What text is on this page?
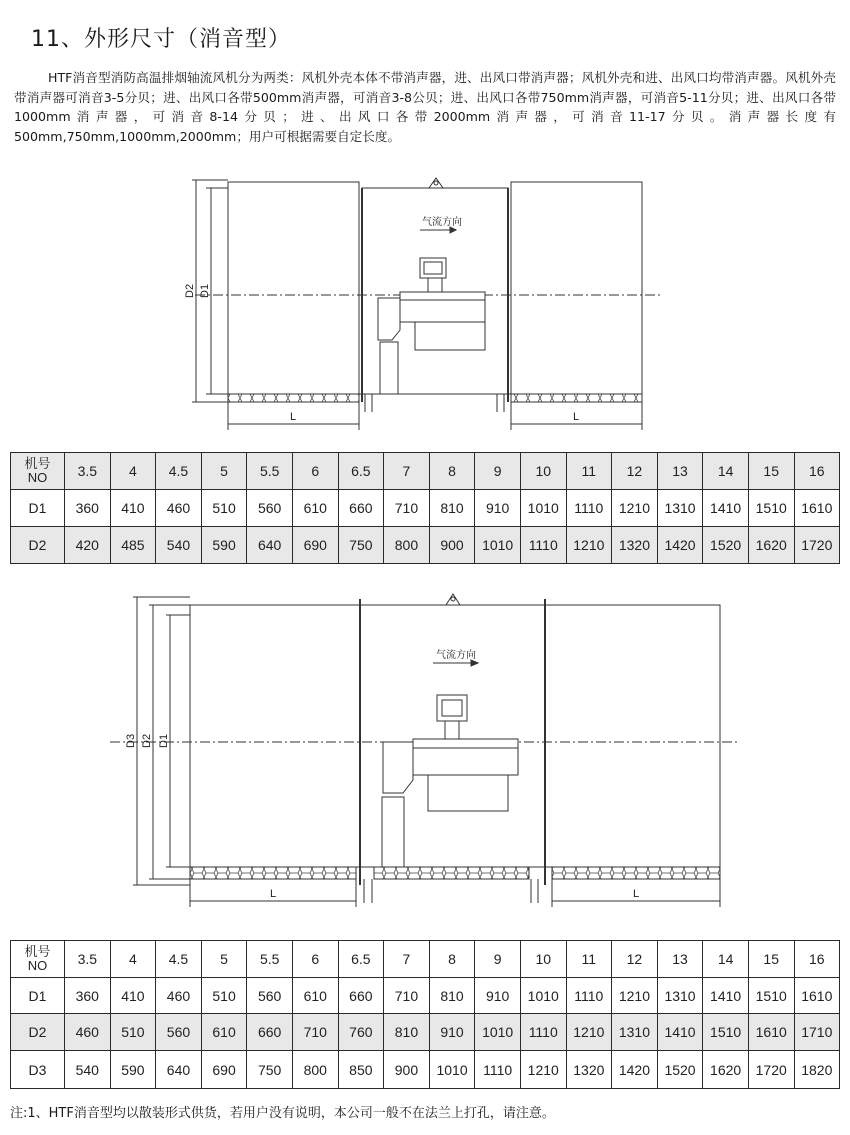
11、外形尺寸（消音型）
HTF消音型消防高温排烟轴流风机分为两类：风机外壳本体不带消声器，进、出风口带消声器；风机外壳和进、出风口均带消声器。风机外壳带消声器可消音3-5分贝；进、出风口各带500mm消声器，可消音3-8公贝；进、出风口各带750mm消声器，可消音5-11分贝；进、出风口各带1000mm消声器，可消音8-14分贝；进、出风口各带2000mm消声器，可消音11-17分贝。消声器长度有500mm,750mm,1000mm,2000mm；用户可根据需要自定长度。
气流方向
D2 D1
L	L
机号
NO	3.5	4	4.5	5	5.5	6	6.5	7	8	9	10	11	12	13	14	15	16
D1	360	410	460	510	560	610	660	710	810	910	1010	1110	1210	1310	1410	1510	1610
D2	420	485	540	590	640	690	750	800	900	1010	1110	1210	1320	1420	1520	1620	1720
气流方向
D3 D2 D1
L	L
机号
NO	3.5	4	4.5	5	5.5	6	6.5	7	8	9	10	11	12	13	14	15	16
D1	360	410	460	510	560	610	660	710	810	910	1010	1110	1210	1310	1410	1510	1610
D2	460	510	560	610	660	710	760	810	910	1010	1110	1210	1310	1410	1510	1610	1710
D3	540	590	640	690	750	800	850	900	1010	1110	1210	1320	1420	1520	1620	1720	1820
注:1、HTF消音型均以散装形式供货，若用户没有说明，本公司一般不在法兰上打孔，请注意。
